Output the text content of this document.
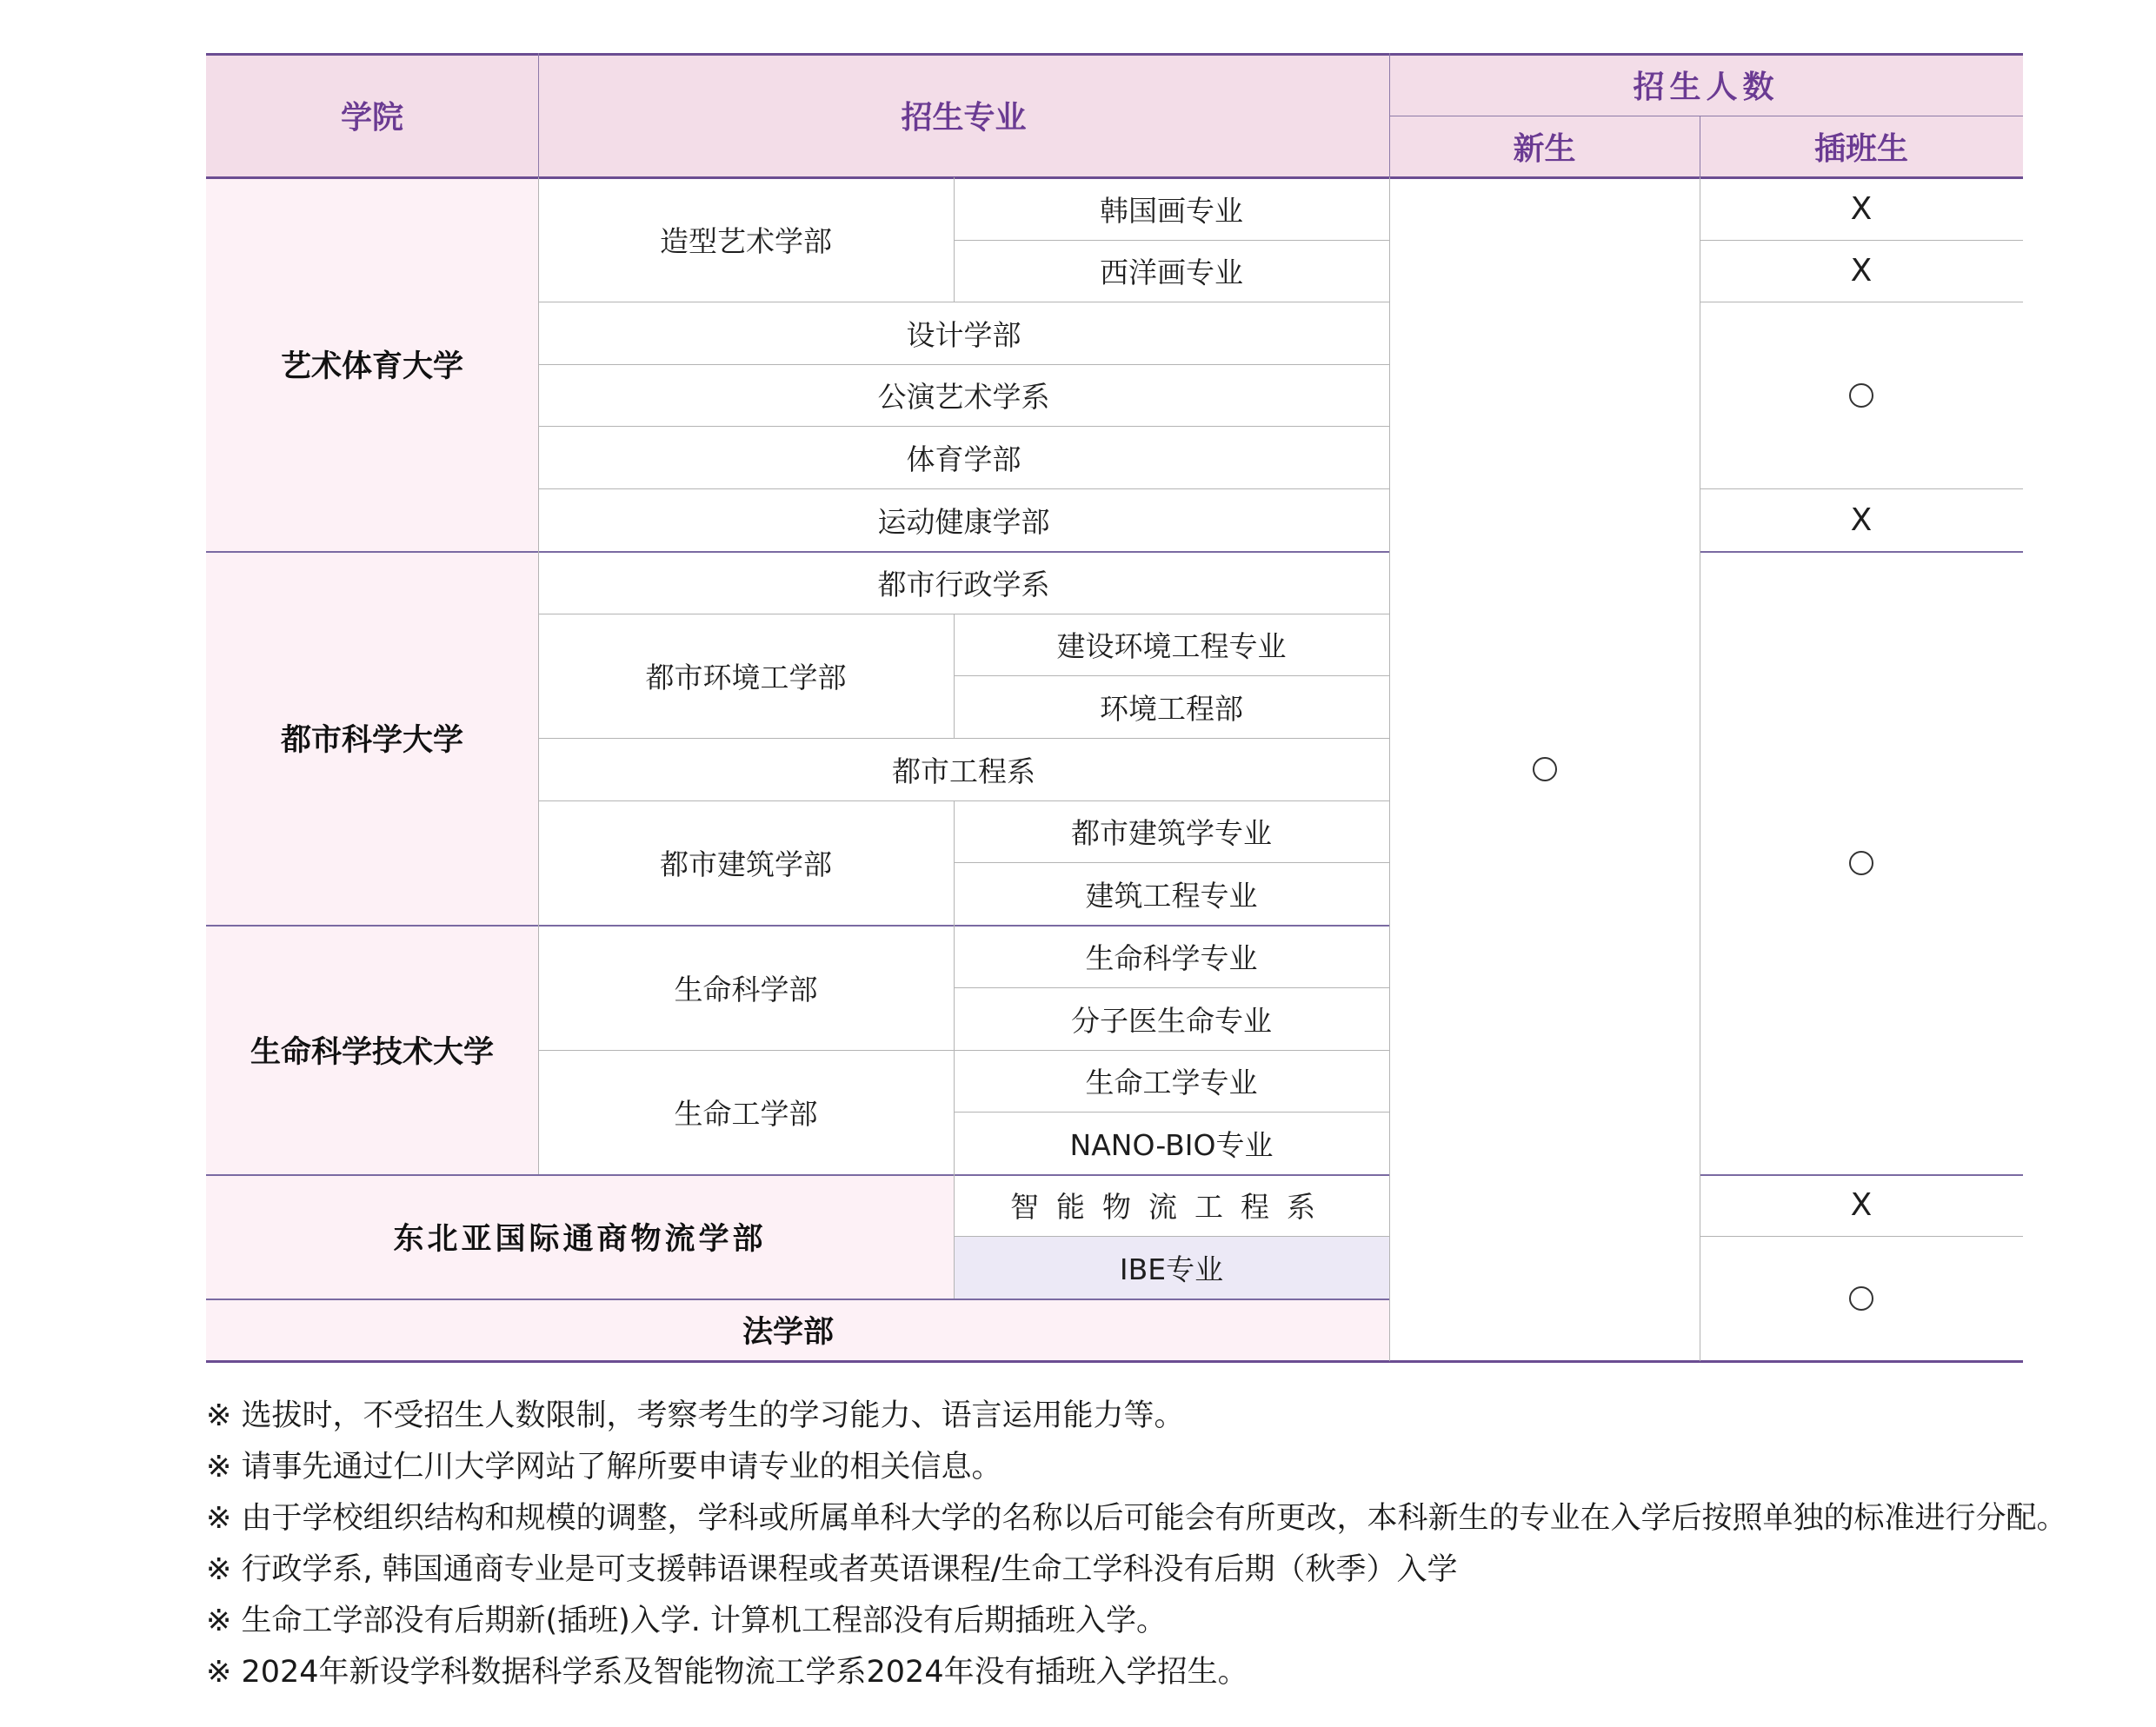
学院	招生专业
招生人数
新生	插班生
艺术体育大学
都市科学大学
生命科学技术大学
东北亚国际通商物流学部
法学部
造型艺术学部
设计学部
公演艺术学系
体育学部
运动健康学部
都市行政学系
都市环境工学部
都市工程系
都市建筑学部
生命科学部
生命工学部
韩国画专业
西洋画专业
建设环境工程专业
环境工程部
都市建筑学专业
建筑工程专业
生命科学专业
分子医生命专业
生命工学专业
NANO-BIO专业
智能物流工程系
IBE专业
X
X
X
X
※ 选拔时，不受招生人数限制，考察考生的学习能力、语言运用能力等。
※ 请事先通过仁川大学网站了解所要申请专业的相关信息。
※ 由于学校组织结构和规模的调整，学科或所属单科大学的名称以后可能会有所更改，本科新生的专业在入学后按照单独的标准进行分配。
※ 行政学系, 韩国通商专业是可支援韩语课程或者英语课程/生命工学科没有后期（秋季）入学
※ 生命工学部没有后期新(插班)入学. 计算机工程部没有后期插班入学。
※ 2024年新设学科数据科学系及智能物流工学系2024年没有插班入学招生。
